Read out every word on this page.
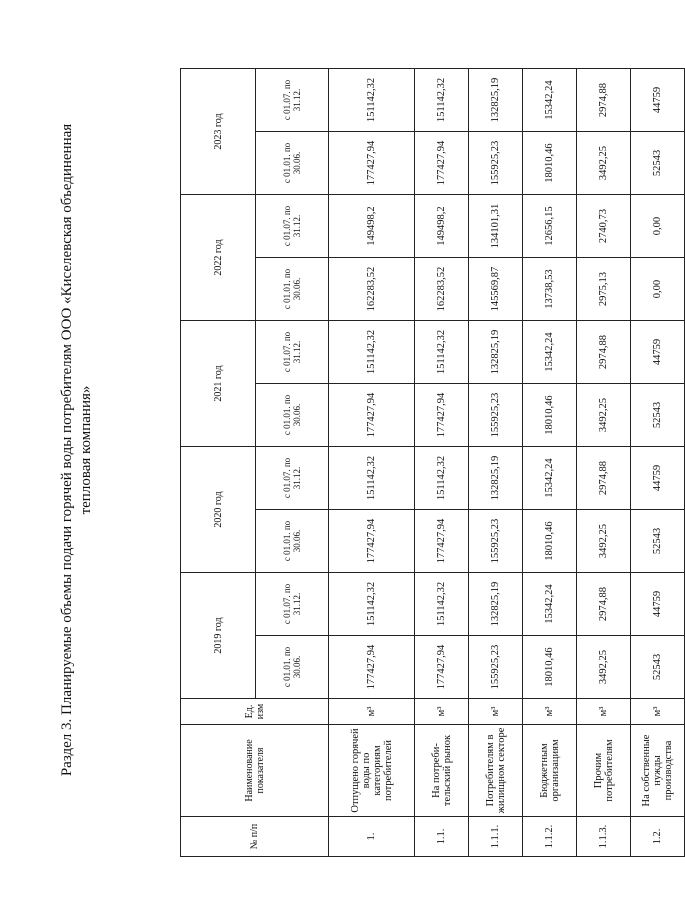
Раздел 3. Планируемые объемы подачи горячей воды потребителям ООО «Киселевская объединенная тепловая компания»
№ п/п	Наименование показателя	Ед. изм	2019 год		2020 год		2021 год		2022 год		2023 год	
			с 01.01. по 30.06.	с 01.07. по 31.12.	с 01.01. по 30.06.	с 01.07. по 31.12.	с 01.01. по 30.06.	с 01.07. по 31.12.	с 01.01. по 30.06.	с 01.07. по 31.12.	с 01.01. по 30.06.	с 01.07. по 31.12.
1.	Отпущено горячей воды по категориям потребителей	м³	177427,94	151142,32	177427,94	151142,32	177427,94	151142,32	162283,52	149498,2	177427,94	151142,32
1.1.	На потреби-тельский рынок	м³	177427,94	151142,32	177427,94	151142,32	177427,94	151142,32	162283,52	149498,2	177427,94	151142,32
1.1.1.	Потребителям в жилищном секторе	м³	155925,23	132825,19	155925,23	132825,19	155925,23	132825,19	145569,87	134101,31	155925,23	132825,19
1.1.2.	Бюджетным организациям	м³	18010,46	15342,24	18010,46	15342,24	18010,46	15342,24	13738,53	12656,15	18010,46	15342,24
1.1.3.	Прочим потребителям	м³	3492,25	2974,88	3492,25	2974,88	3492,25	2974,88	2975,13	2740,73	3492,25	2974,88
1.2.	На собственные нужды производства	м³	52543	44759	52543	44759	52543	44759	0,00	0,00	52543	44759
